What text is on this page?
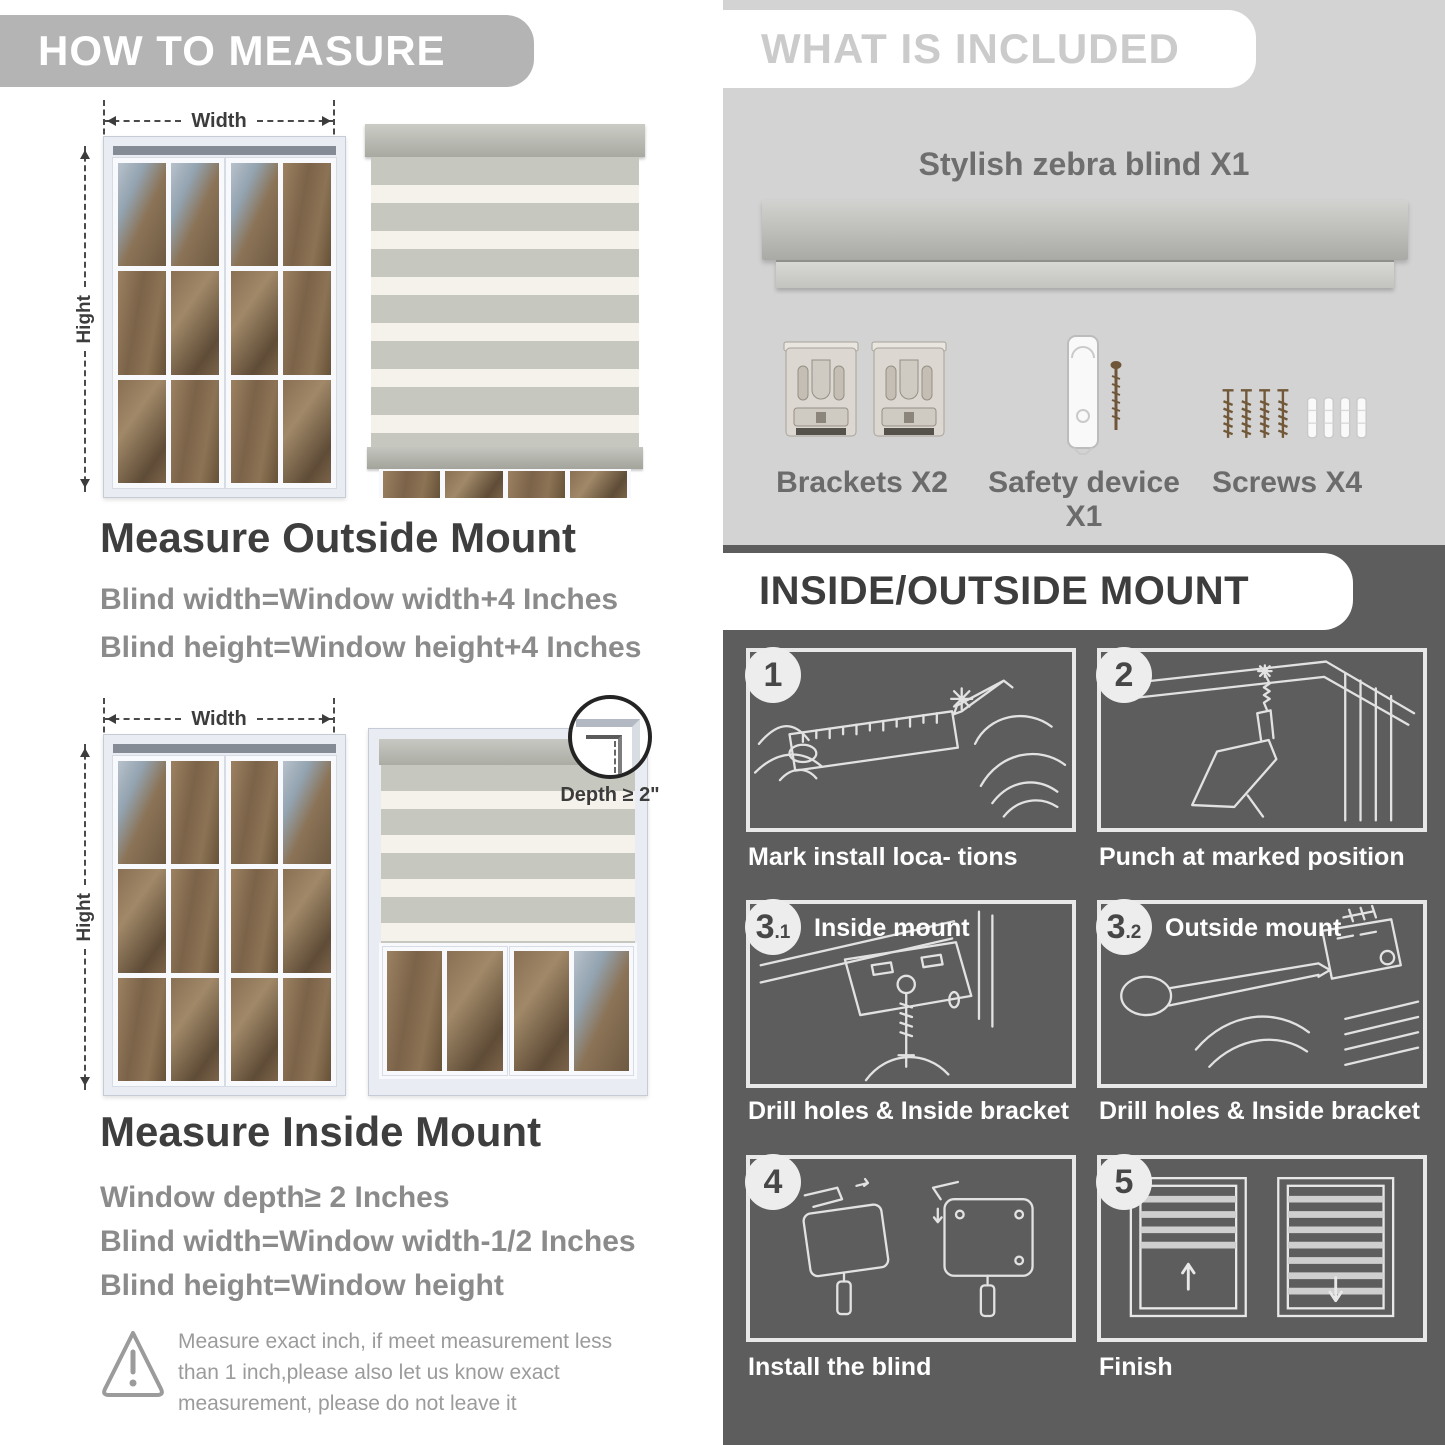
HOW TO MEASURE
Width
Hight
Measure Outside Mount
Blind width=Window width+4 Inches
Blind height=Window height+4 Inches
Width
Hight
Depth ≥ 2"
Measure Inside Mount
Window depth≥ 2 Inches
Blind width=Window width-1/2 Inches
Blind height=Window height
Measure exact inch, if meet measurement less than 1 inch,please also let us know exact measurement, please do not leave it
WHAT IS INCLUDED
Stylish zebra blind X1
Brackets X2	Safety device X1
Screws X4
INSIDE/OUTSIDE MOUNT
1
Mark install loca- tions
2
Punch at marked position
3 .1 Inside mount
Drill holes & Inside bracket
3 .2 Outside mount
Drill holes & Inside bracket
4
Install the blind
5
Finish
